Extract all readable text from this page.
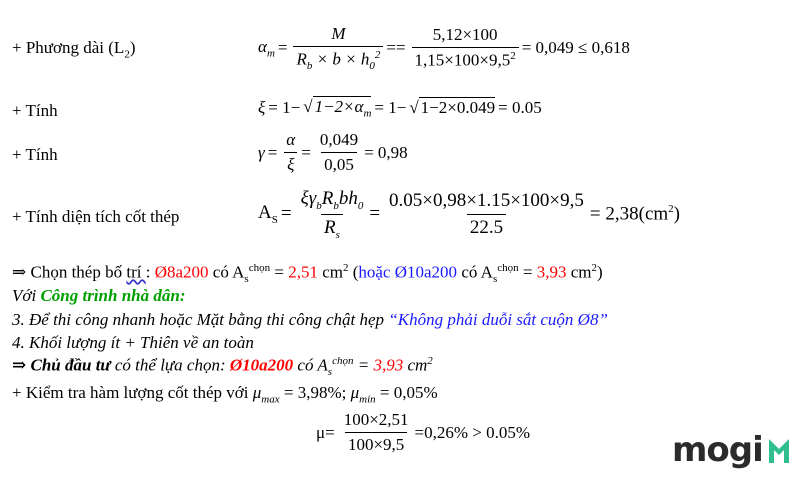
+ Phương dài $(L_2)$	$\alpha_m = \frac{M}{R_b \times b \times h_0^2} == \frac{5,12\times 100}{1,15\times 100\times 9,5^2} = 0,049 \le 0,618$
+ Tính	ξ = 1− √ $1-2\times\alpha_m = 1-$ √ 1−2×0.049 = 0.05
+ Tính	$\gamma = \frac{\alpha}{\xi} = \frac{0,049}{0,05} = 0,98$
+ Tính diện tích cốt thép	$A_S = \frac{\xi\gamma_bR_bbh_0}{R_s} = \frac{0.05\times 0,98\times 1.15\times 100\times 9,5}{22.5} = 2,38(cm^2)$
⇒ Chọn thép bố trí : Ø8a200 có $A_s^{chọn} = 2,51$ $cm^2$ (hoặc Ø10a200 có $A_s^{chọn} = 3,93$ $cm^2$)
Với Công trình nhà dân:
3. Để thi công nhanh hoặc Mặt bằng thi công chật hẹp “Không phải duỗi sắt cuộn Ø8”
4. Khối lượng ít + Thiên về an toàn
⇒ Chủ đầu tư có thể lựa chọn: Ø10a200 có $A_s^{chọn} = 3,93$ $cm^2$
+ Kiểm tra hàm lượng cốt thép với $\mu_{max} = 3,98\%$; $\mu_{min} = 0,05\%$
$\mu= \frac{100\times 2,51}{100\times 9,5} =0,26\% > 0.05\%$	mogi
